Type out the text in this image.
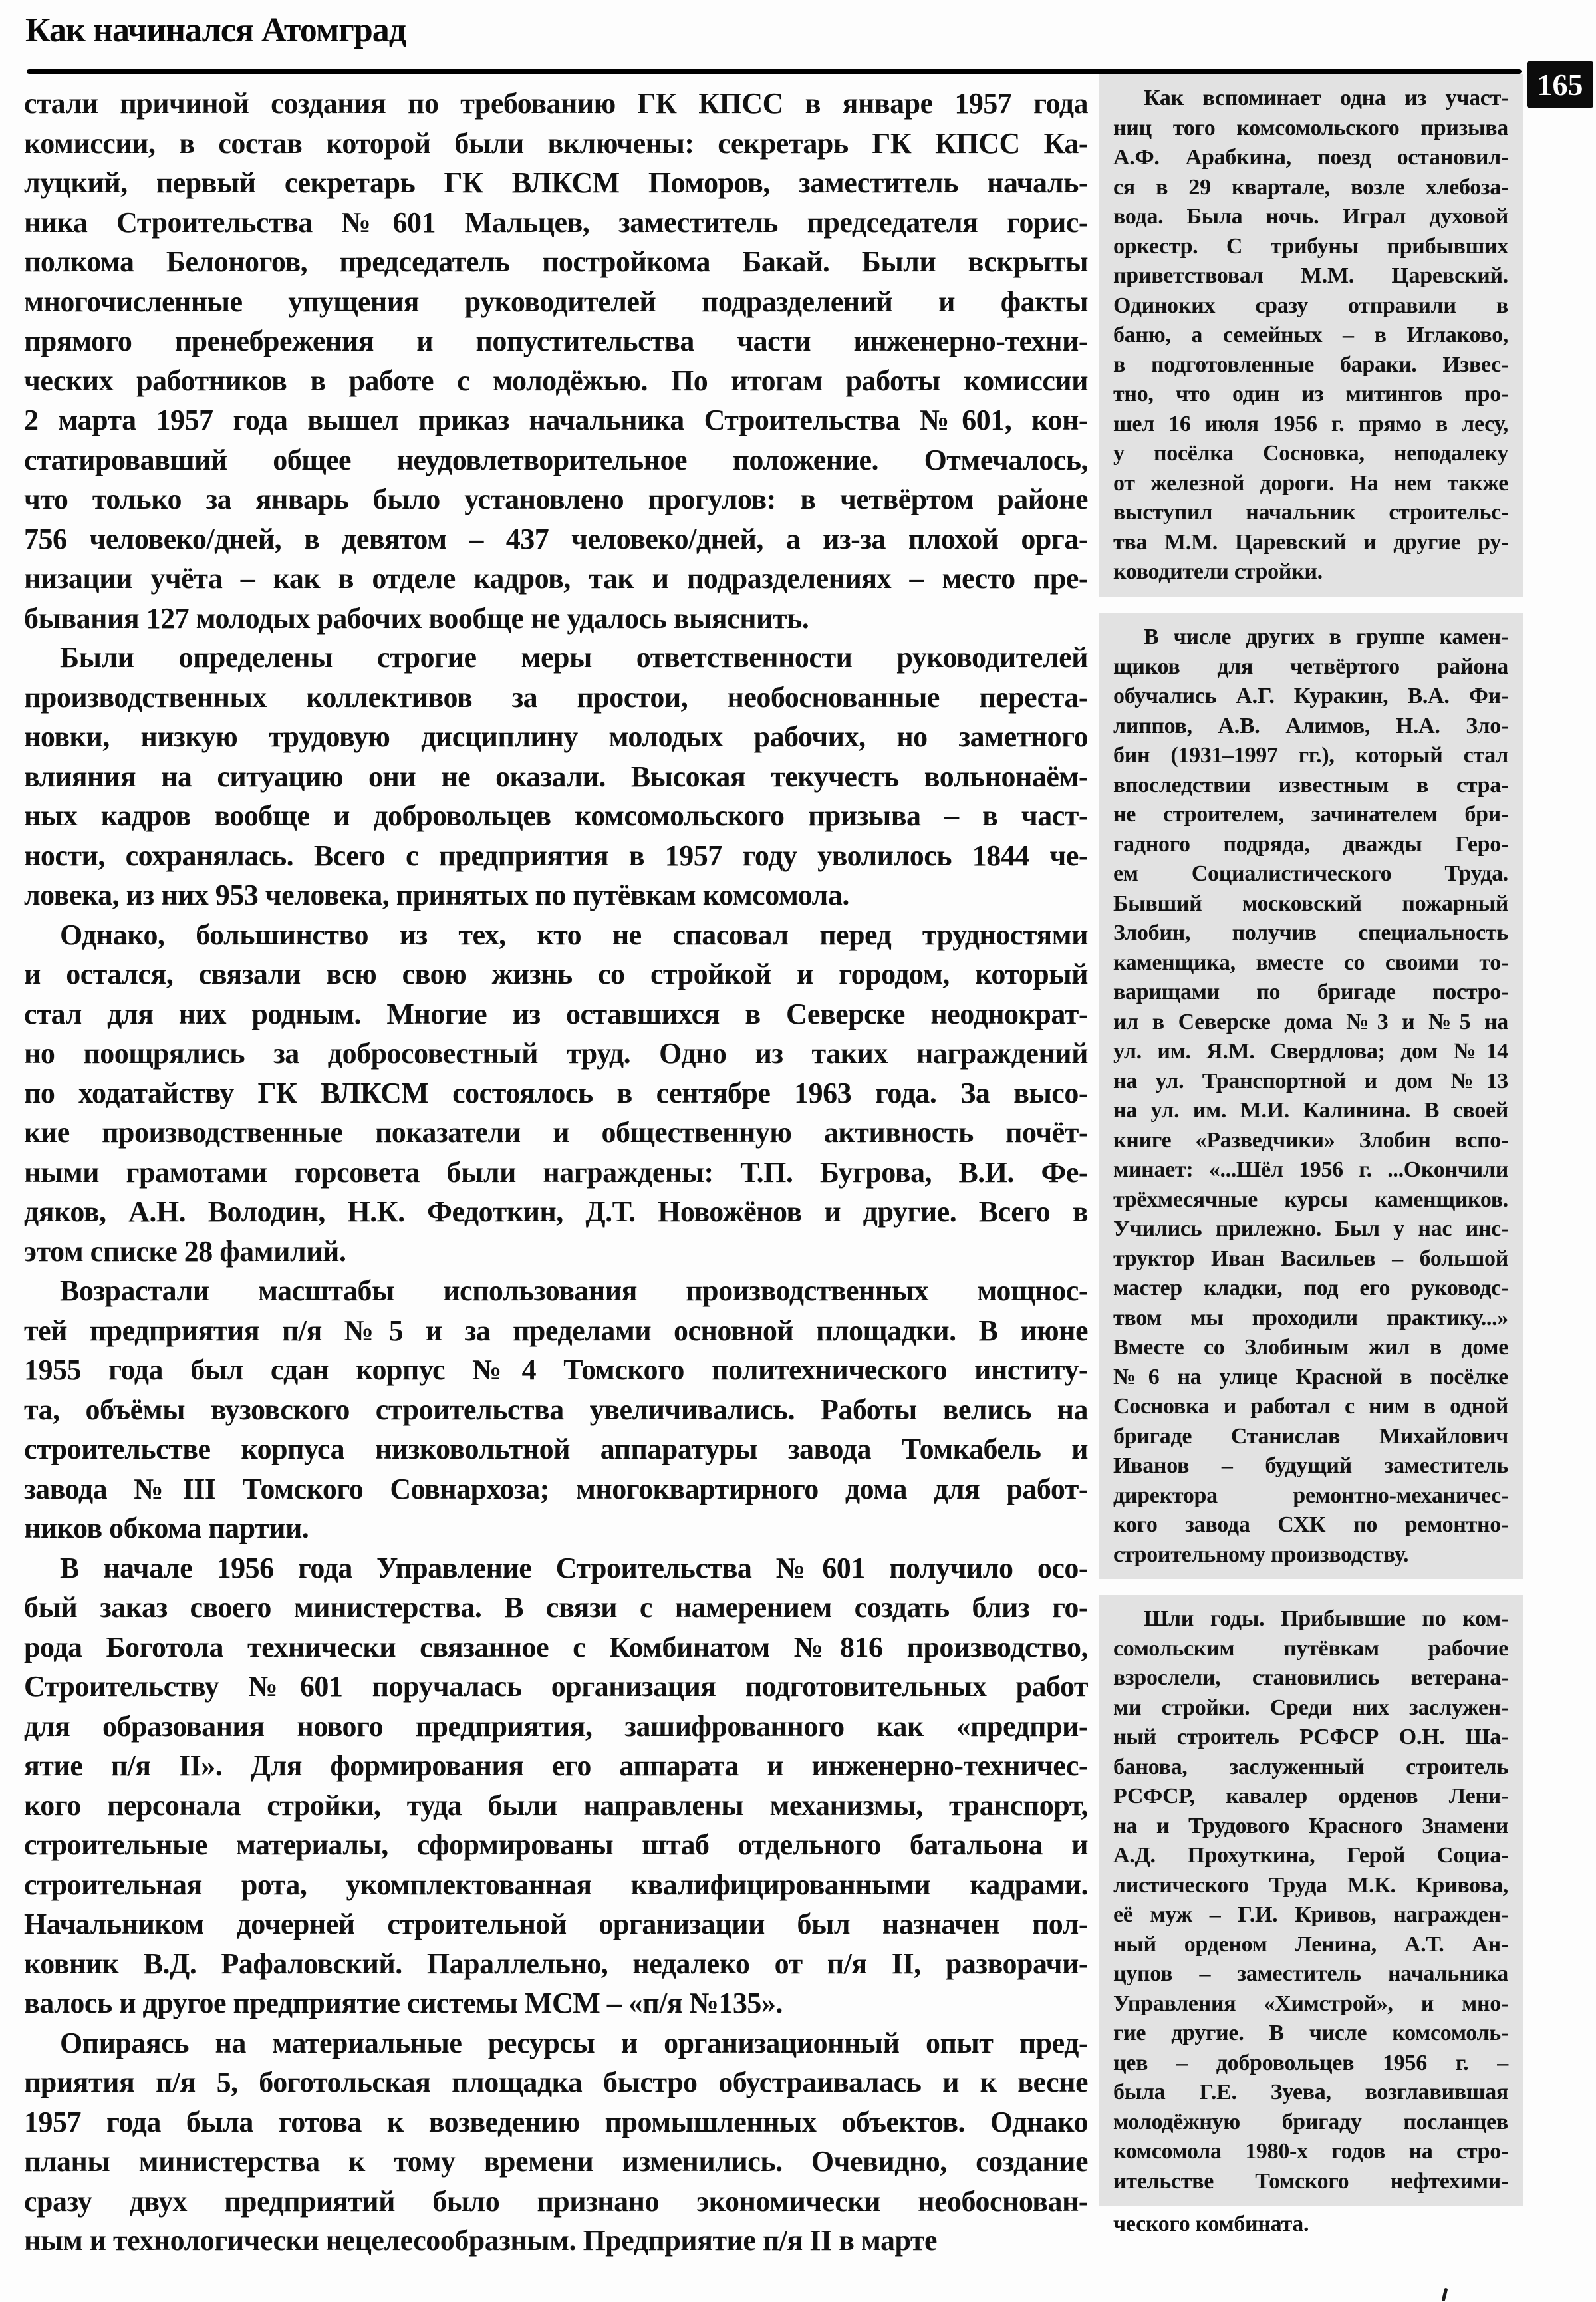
Как начинался Атомград
165
стали причиной создания по требованию ГК КПСС в январе 1957 года
комиссии, в состав которой были включены: секретарь ГК КПСС Ка-
луцкий, первый секретарь ГК ВЛКСМ Поморов, заместитель началь-
ника Строительства №601 Мальцев, заместитель председателя горис-
полкома Белоногов, председатель постройкома Бакай. Были вскрыты
многочисленные упущения руководителей подразделений и факты
прямого пренебрежения и попустительства части инженерно-техни-
ческих работников в работе с молодёжью. По итогам работы комиссии
2 марта 1957 года вышел приказ начальника Строительства №601, кон-
статировавший общее неудовлетворительное положение. Отмечалось,
что только за январь было установлено прогулов: в четвёртом районе
756 человеко/дней, в девятом – 437 человеко/дней, а из-за плохой орга-
низации учёта – как в отделе кадров, так и подразделениях – место пре-
бывания 127 молодых рабочих вообще не удалось выяснить.
Были определены строгие меры ответственности руководителей
производственных коллективов за простои, необоснованные переста-
новки, низкую трудовую дисциплину молодых рабочих, но заметного
влияния на ситуацию они не оказали. Высокая текучесть вольнонаём-
ных кадров вообще и добровольцев комсомольского призыва – в част-
ности, сохранялась. Всего с предприятия в 1957 году уволилось 1844 че-
ловека, из них 953 человека, принятых по путёвкам комсомола.
Однако, большинство из тех, кто не спасовал перед трудностями
и остался, связали всю свою жизнь со стройкой и городом, который
стал для них родным. Многие из оставшихся в Северске неоднократ-
но поощрялись за добросовестный труд. Одно из таких награждений
по ходатайству ГК ВЛКСМ состоялось в сентябре 1963 года. За высо-
кие производственные показатели и общественную активность почёт-
ными грамотами горсовета были награждены: Т.П. Бугрова, В.И. Фе-
дяков, А.Н. Володин, Н.К. Федоткин, Д.Т. Новожёнов и другие. Всего в
этом списке 28 фамилий.
Возрастали масштабы использования производственных мощнос-
тей предприятия п/я №5 и за пределами основной площадки. В июне
1955 года был сдан корпус №4 Томского политехнического институ-
та, объёмы вузовского строительства увеличивались. Работы велись на
строительстве корпуса низковольтной аппаратуры завода Томкабель и
завода №III Томского Совнархоза; многоквартирного дома для работ-
ников обкома партии.
В начале 1956 года Управление Строительства №601 получило осо-
бый заказ своего министерства. В связи с намерением создать близ го-
рода Боготола технически связанное с Комбинатом №816 производство,
Строительству №601 поручалась организация подготовительных работ
для образования нового предприятия, зашифрованного как «предпри-
ятие п/я II». Для формирования его аппарата и инженерно-техничес-
кого персонала стройки, туда были направлены механизмы, транспорт,
строительные материалы, сформированы штаб отдельного батальона и
строительная рота, укомплектованная квалифицированными кадрами.
Начальником дочерней строительной организации был назначен пол-
ковник В.Д. Рафаловский. Параллельно, недалеко от п/я II, разворачи-
валось и другое предприятие системы МСМ – «п/я №135».
Опираясь на материальные ресурсы и организационный опыт пред-
приятия п/я 5, боготольская площадка быстро обустраивалась и к весне
1957 года была готова к возведению промышленных объектов. Однако
планы министерства к тому времени изменились. Очевидно, создание
сразу двух предприятий было признано экономически необоснован-
ным и технологически нецелесообразным. Предприятие п/я II в марте
Как вспоминает одна из участ-
ниц того комсомольского призыва
А.Ф. Арабкина, поезд остановил-
ся в 29 квартале, возле хлебоза-
вода. Была ночь. Играл духовой
оркестр. С трибуны прибывших
приветствовал М.М. Царевский.
Одиноких сразу отправили в
баню, а семейных – в Иглаково,
в подготовленные бараки. Извес-
тно, что один из митингов про-
шел 16 июля 1956 г. прямо в лесу,
у посёлка Сосновка, неподалеку
от железной дороги. На нем также
выступил начальник строительс-
тва М.М. Царевский и другие ру-
ководители стройки.
В числе других в группе камен-
щиков для четвёртого района
обучались А.Г. Куракин, В.А. Фи-
липпов, А.В. Алимов, Н.А. Зло-
бин (1931–1997 гг.), который стал
впоследствии известным в стра-
не строителем, зачинателем бри-
гадного подряда, дважды Геро-
ем Социалистического Труда.
Бывший московский пожарный
Злобин, получив специальность
каменщика, вместе со своими то-
варищами по бригаде постро-
ил в Северске дома №3 и №5 на
ул. им. Я.М. Свердлова; дом №14
на ул. Транспортной и дом №13
на ул. им. М.И. Калинина. В своей
книге «Разведчики» Злобин вспо-
минает: «...Шёл 1956 г. ...Окончили
трёхмесячные курсы каменщиков.
Учились прилежно. Был у нас инс-
труктор Иван Васильев – большой
мастер кладки, под его руководс-
твом мы проходили практику...»
Вместе со Злобиным жил в доме
№6 на улице Красной в посёлке
Сосновка и работал с ним в одной
бригаде Станислав Михайлович
Иванов – будущий заместитель
директора ремонтно-механичес-
кого завода СХК по ремонтно-
строительному производству.
Шли годы. Прибывшие по ком-
сомольским путёвкам рабочие
взрослели, становились ветерана-
ми стройки. Среди них заслужен-
ный строитель РСФСР О.Н. Ша-
банова, заслуженный строитель
РСФСР, кавалер орденов Лени-
на и Трудового Красного Знамени
А.Д. Прохуткина, Герой Социа-
листического Труда М.К. Кривова,
её муж – Г.И. Кривов, награжден-
ный орденом Ленина, А.Т. Ан-
цупов – заместитель начальника
Управления «Химстрой», и мно-
гие другие. В числе комсомоль-
цев – добровольцев 1956 г. –
была Г.Е. Зуева, возглавившая
молодёжную бригаду посланцев
комсомола 1980-х годов на стро-
ительстве Томского нефтехими-
ческого комбината.
